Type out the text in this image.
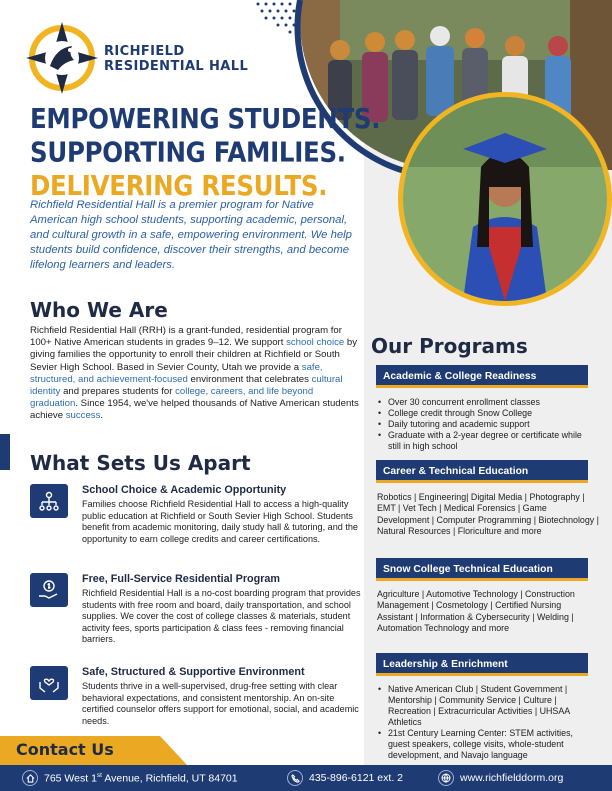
RICHFIELD
RESIDENTIAL HALL
EMPOWERING STUDENTS.
SUPPORTING FAMILIES.
DELIVERING RESULTS.

Richfield Residential Hall is a premier program for Native American high school students, supporting academic, personal, and cultural growth in a safe, empowering environment. We help students build confidence, discover their strengths, and become lifelong learners and leaders.

Who We Are

Richfield Residential Hall (RRH) is a grant-funded, residential program for 100+ Native American students in grades 9–12. We support school choice by giving families the opportunity to enroll their children at Richfield or South Sevier High School. Based in Sevier County, Utah we provide a safe, structured, and achievement-focused environment that celebrates cultural identity and prepares students for college, careers, and life beyond graduation. Since 1954, we've helped thousands of Native American students achieve success.

What Sets Us Apart
School Choice & Academic Opportunity
Families choose Richfield Residential Hall to access a high-quality public education at Richfield or South Sevier High School. Students benefit from academic monitoring, daily study hall & tutoring, and the opportunity to earn college credits and career certifications.
Free, Full-Service Residential Program
Richfield Residential Hall is a no-cost boarding program that provides students with free room and board, daily transportation, and school supplies. We cover the cost of college classes & materials, student activity fees, sports participation & class fees - removing financial barriers.
Safe, Structured & Supportive Environment
Students thrive in a well-supervised, drug-free setting with clear behavioral expectations, and consistent mentorship. An on-site certified counselor offers support for emotional, social, and academic needs.
Our Programs
Academic & College Readiness
• Over 30 concurrent enrollment classes
• College credit through Snow College
• Daily tutoring and academic support
• Graduate with a 2-year degree or certificate while still in high school
Career & Technical Education
Robotics | Engineering| Digital Media | Photography | EMT | Vet Tech | Medical Forensics | Game Development | Computer Programming | Biotechnology | Natural Resources | Floriculture and more
Snow College Technical Education
Agriculture | Automotive Technology | Construction Management | Cosmetology | Certified Nursing Assistant | Information & Cybersecurity | Welding | Automation Technology and more
Leadership & Enrichment
• Native American Club | Student Government | Mentorship | Community Service | Culture | Recreation | Extracurricular Activities | UHSAA Athletics
• 21st Century Learning Center: STEM activities, guest speakers, college visits, whole-student development, and Navajo language
Contact Us
765 West 1st Avenue, Richfield, UT 84701	435-896-6121 ext. 2	www.richfielddorm.org
